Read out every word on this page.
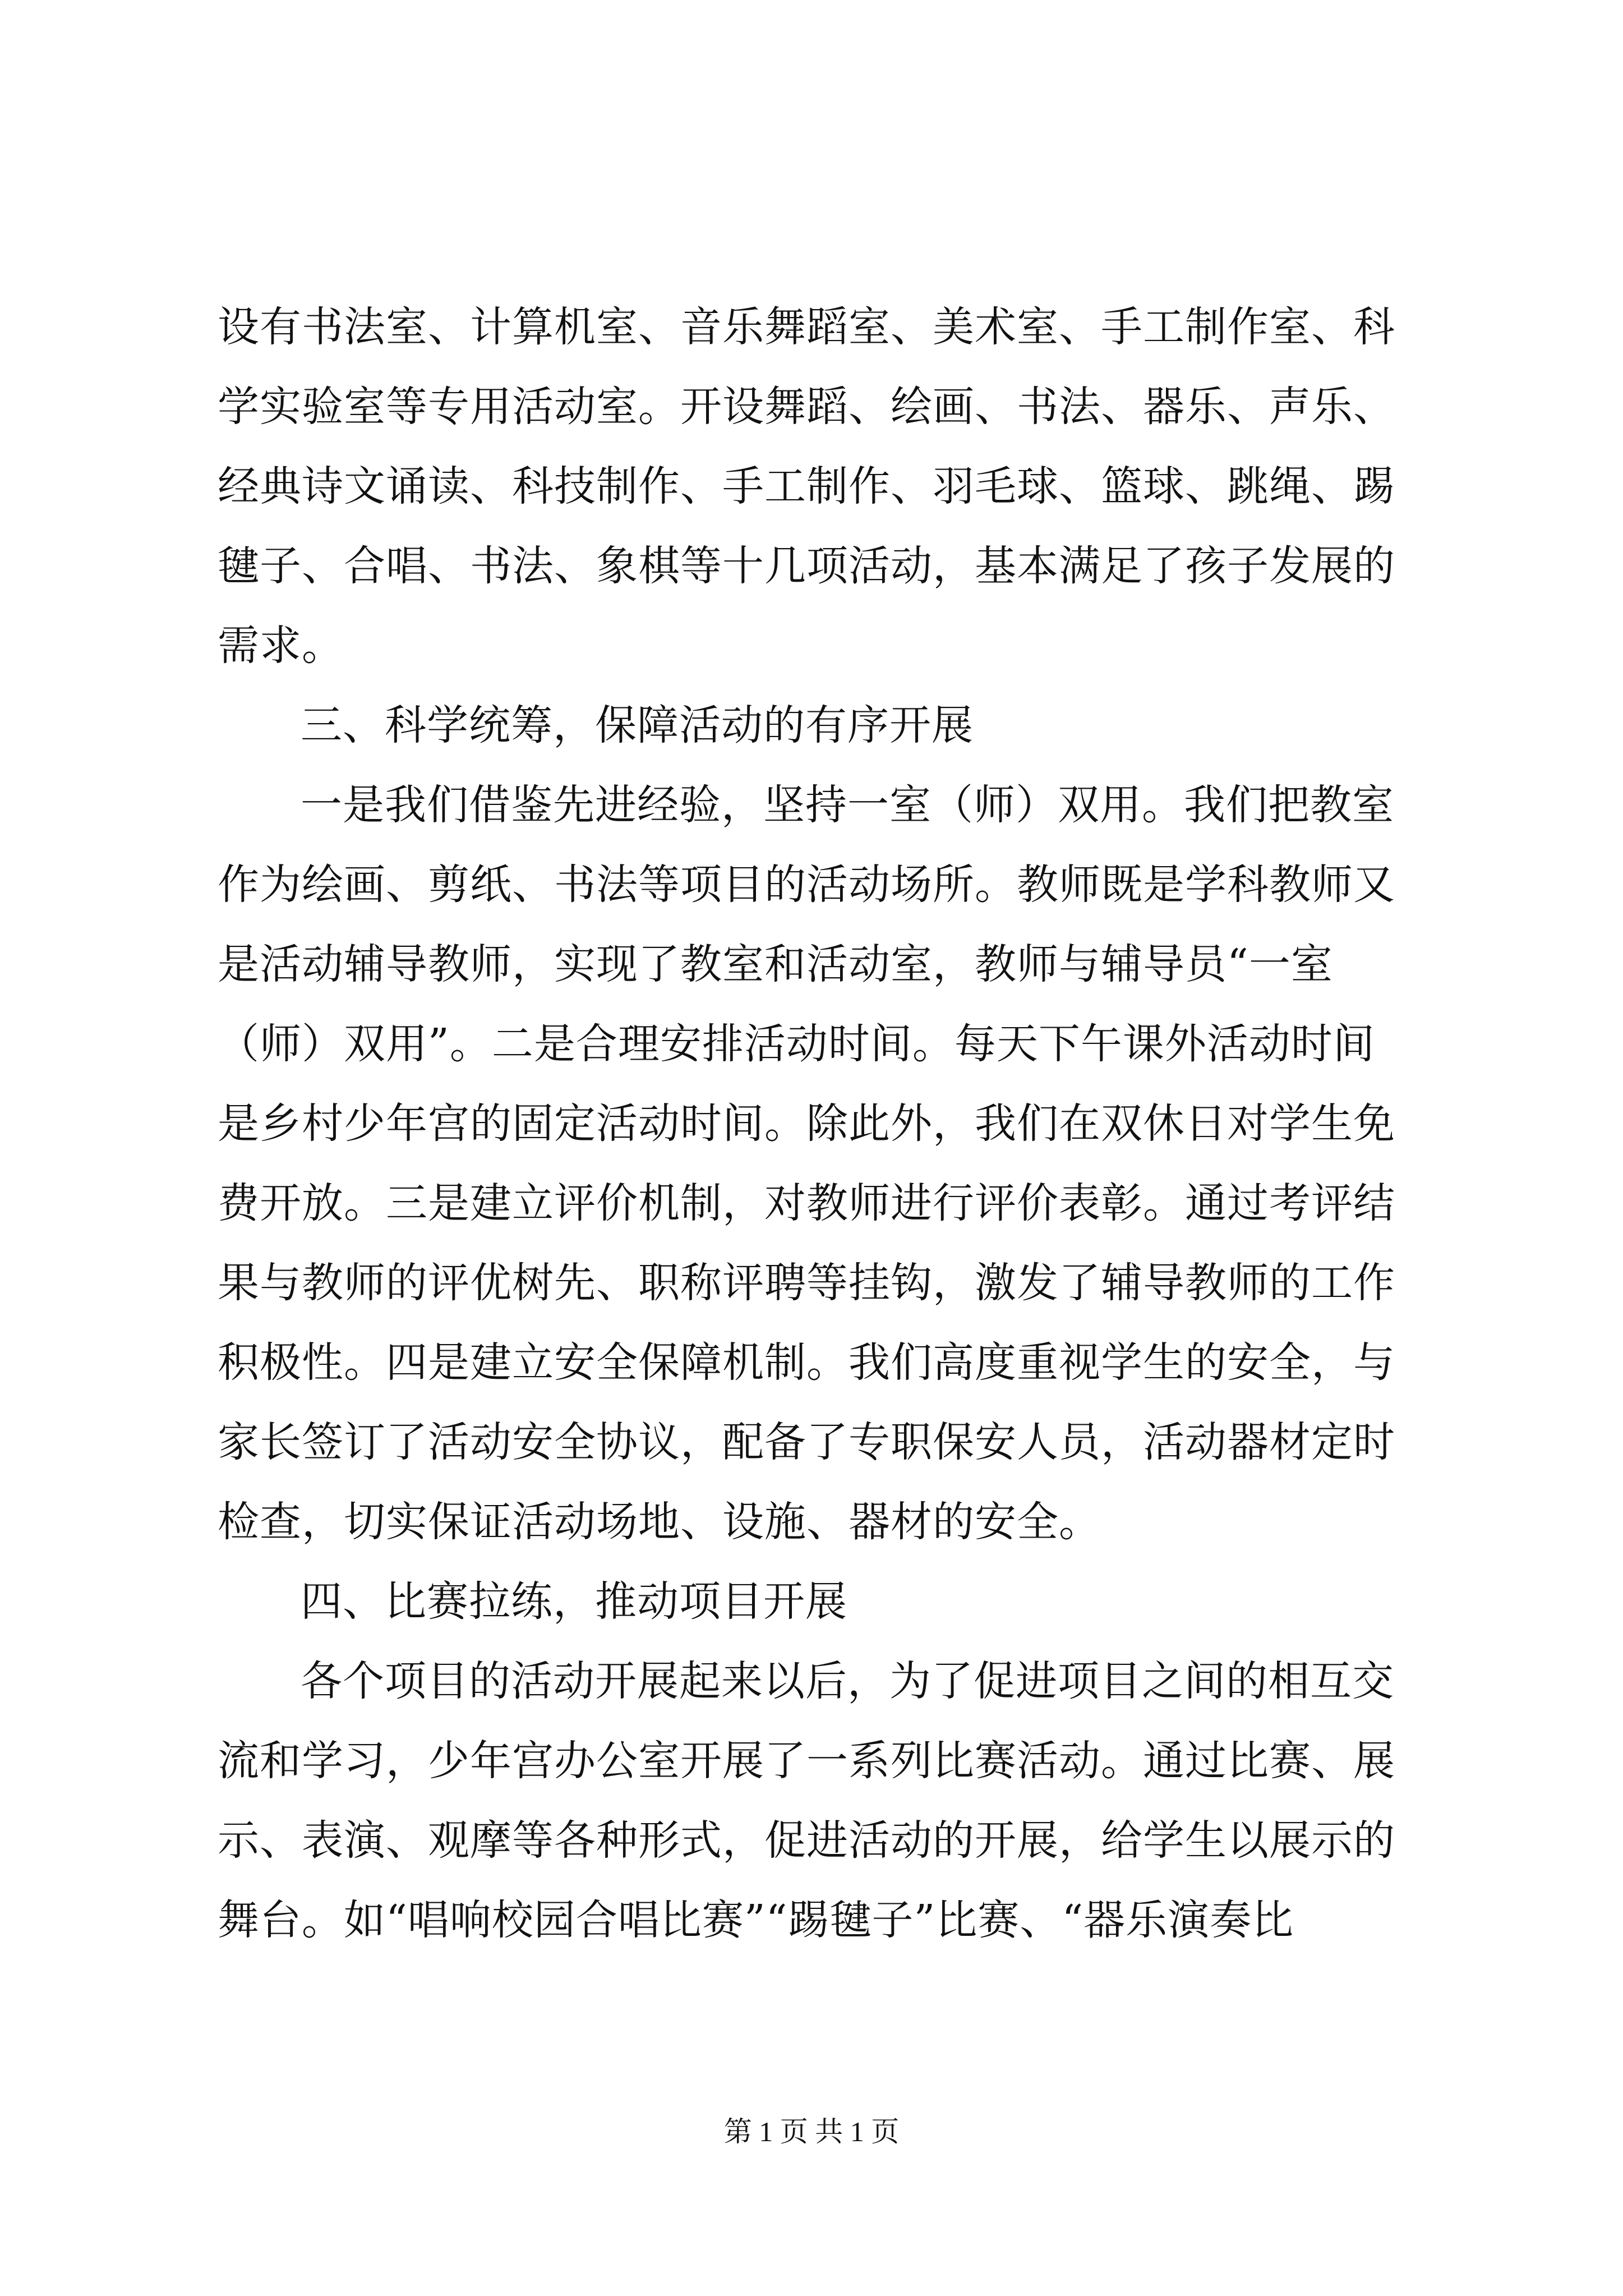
设有书法室、计算机室、音乐舞蹈室、美术室、手工制作室、科
学实验室等专用活动室。开设舞蹈、绘画、书法、器乐、声乐、
经典诗文诵读、科技制作、手工制作、羽毛球、篮球、跳绳、踢
毽子、合唱、书法、象棋等十几项活动，基本满足了孩子发展的
需求。
三、科学统筹，保障活动的有序开展
一是我们借鉴先进经验，坚持一室（师）双用。我们把教室
作为绘画、剪纸、书法等项目的活动场所。教师既是学科教师又
是活动辅导教师，实现了教室和活动室，教师与辅导员“一室
（师）双用”。二是合理安排活动时间。每天下午课外活动时间
是乡村少年宫的固定活动时间。除此外，我们在双休日对学生免
费开放。三是建立评价机制，对教师进行评价表彰。通过考评结
果与教师的评优树先、职称评聘等挂钩，激发了辅导教师的工作
积极性。四是建立安全保障机制。我们高度重视学生的安全，与
家长签订了活动安全协议，配备了专职保安人员，活动器材定时
检查，切实保证活动场地、设施、器材的安全。
四、比赛拉练，推动项目开展
各个项目的活动开展起来以后，为了促进项目之间的相互交
流和学习，少年宫办公室开展了一系列比赛活动。通过比赛、展
示、表演、观摩等各种形式，促进活动的开展，给学生以展示的
舞台。如“唱响校园合唱比赛”“踢毽子”比赛、“器乐演奏比
第 1 页 共 1 页
